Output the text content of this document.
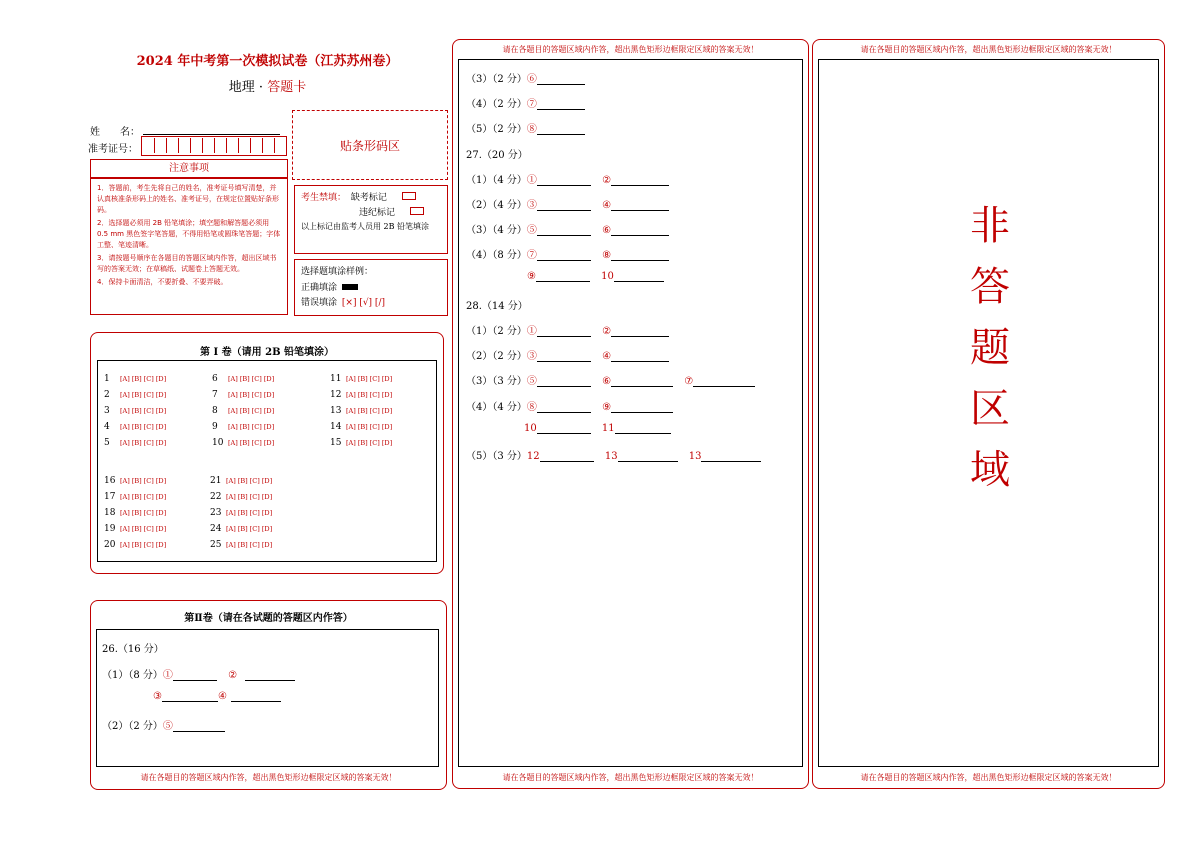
2024 年中考第一次模拟试卷（江苏苏州卷）
地理 · 答题卡
姓　　名：
准考证号：	贴条形码区
注意事项
1．答题前，考生先将自己的姓名，准考证号填写清楚，并认真核准条形码上的姓名、准考证号，在规定位置贴好条形码。
2．选择题必须用 2B 铅笔填涂；填空题和解答题必须用 0.5 mm 黑色签字笔答题，不得用铅笔或圆珠笔答题；字体工整、笔迹清晰。
3．请按题号顺序在各题目的答题区域内作答，超出区域书写的答案无效；在草稿纸、试题卷上答题无效。
4．保持卡面清洁，不要折叠、不要弄破。
考生禁填： 缺考标记
违纪标记
以上标记由监考人员用 2B 铅笔填涂
选择题填涂样例：
正确填涂
错误填涂 [×] [√] [/]
第 Ⅰ 卷（请用 2B 铅笔填涂）
1 [A] [B] [C] [D]
2 [A] [B] [C] [D]
3 [A] [B] [C] [D]
4 [A] [B] [C] [D]
5 [A] [B] [C] [D]
6 [A] [B] [C] [D]
7 [A] [B] [C] [D]
8 [A] [B] [C] [D]
9 [A] [B] [C] [D]
10 [A] [B] [C] [D]
11 [A] [B] [C] [D]
12 [A] [B] [C] [D]
13 [A] [B] [C] [D]
14 [A] [B] [C] [D]
15 [A] [B] [C] [D]
16 [A] [B] [C] [D]
17 [A] [B] [C] [D]
18 [A] [B] [C] [D]
19 [A] [B] [C] [D]
20 [A] [B] [C] [D]
21 [A] [B] [C] [D]
22 [A] [B] [C] [D]
23 [A] [B] [C] [D]
24 [A] [B] [C] [D]
25 [A] [B] [C] [D]
第Ⅱ卷（请在各试题的答题区内作答）
26.（16 分）
（1）（8 分）①	②
③	④
（2）（2 分）⑤
请在各题目的答题区域内作答，超出黑色矩形边框限定区域的答案无效！
请在各题目的答题区域内作答，超出黑色矩形边框限定区域的答案无效！
请在各题目的答题区域内作答，超出黑色矩形边框限定区域的答案无效！
（3）（2 分）⑥
（4）（2 分）⑦
（5）（2 分）⑧
27.（20 分）
（1）（4 分）①	②
（2）（4 分）③	④
（3）（4 分）⑤	⑥
（4）（8 分）⑦	⑧
⑨	10
28.（14 分）
（1）（2 分）①	②
（2）（2 分）③	④
（3）（3 分）⑤	⑥	⑦
（4）（4 分）⑧	⑨
10	11
（5）（3 分）12	13	13
请在各题目的答题区域内作答，超出黑色矩形边框限定区域的答案无效！
请在各题目的答题区域内作答，超出黑色矩形边框限定区域的答案无效！
非
答
题
区
域
